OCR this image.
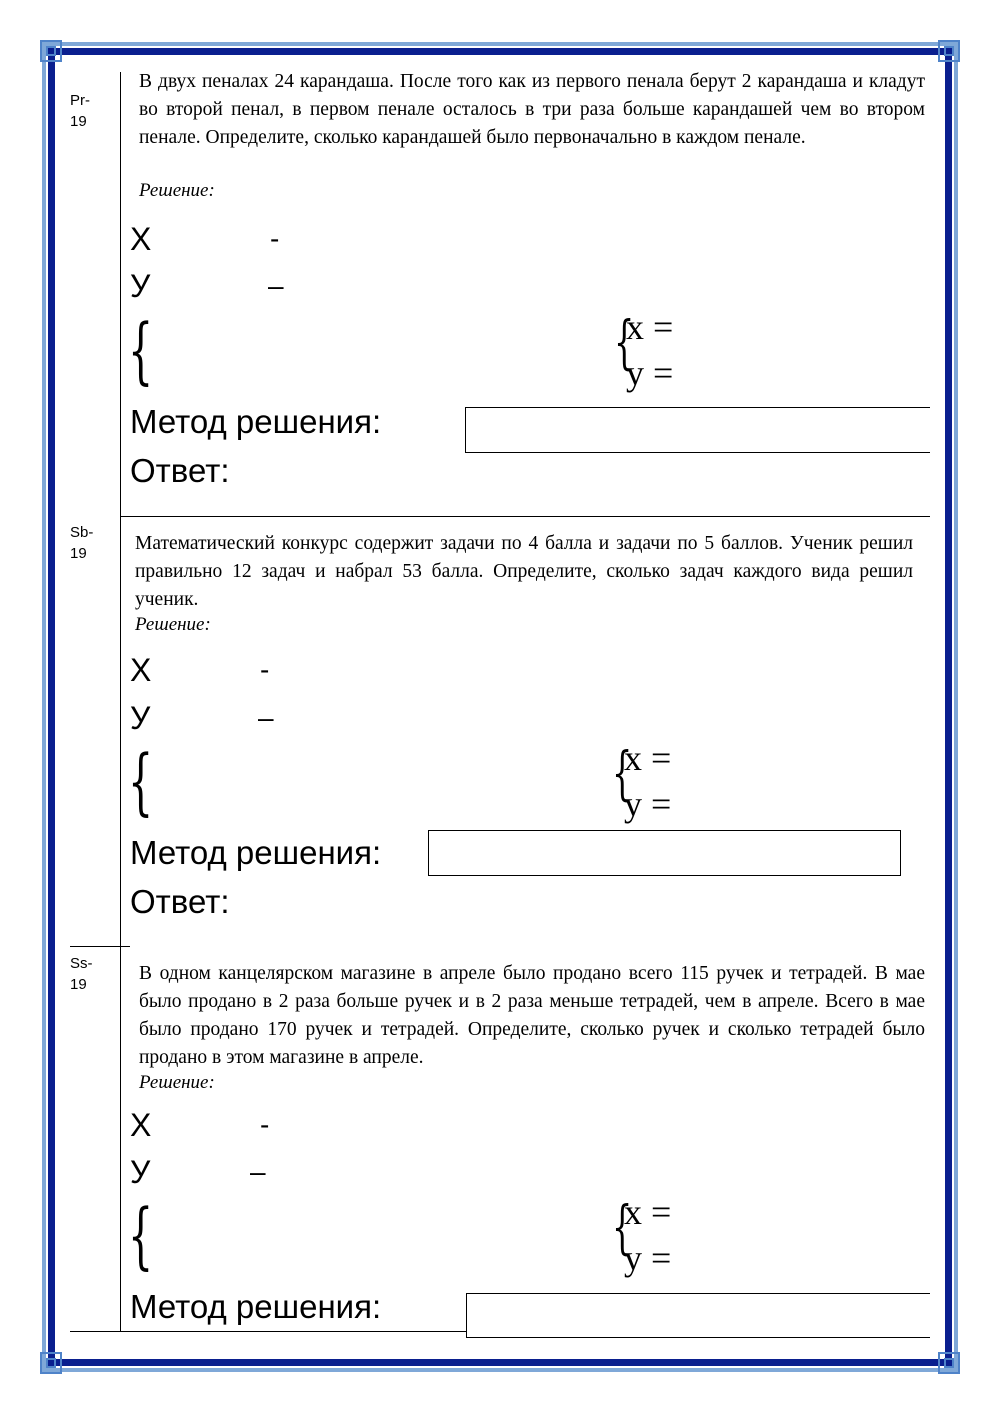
Pr-
19
В двух пеналах 24 карандаша. После того как из первого пенала берут 2 карандаша и кладут во второй пенал, в первом пенале осталось в три раза больше карандашей чем во втором пенале. Определите, сколько карандашей было первоначально в каждом пенале.
Решение:
Х	-
У	–
{	{
x =
y =
Метод решения:
Ответ:
Sb-
19	Математический конкурс содержит задачи по 4 балла и задачи по 5 баллов. Ученик решил правильно 12 задач и набрал 53 балла. Определите, сколько задач каждого вида решил ученик.
Решение:
Х	-
У	–
{	{
x =
y =
Метод решения:
Ответ:
Ss-
19
В одном канцелярском магазине в апреле было продано всего 115 ручек и тетрадей. В мае было продано в 2 раза больше ручек и в 2 раза меньше тетрадей, чем в апреле. Всего в мае было продано 170 ручек и тетрадей. Определите, сколько ручек и сколько тетрадей было продано в этом магазине в апреле.
Решение:
Х	-
У	–
{	{
x =
y =
Метод решения:
